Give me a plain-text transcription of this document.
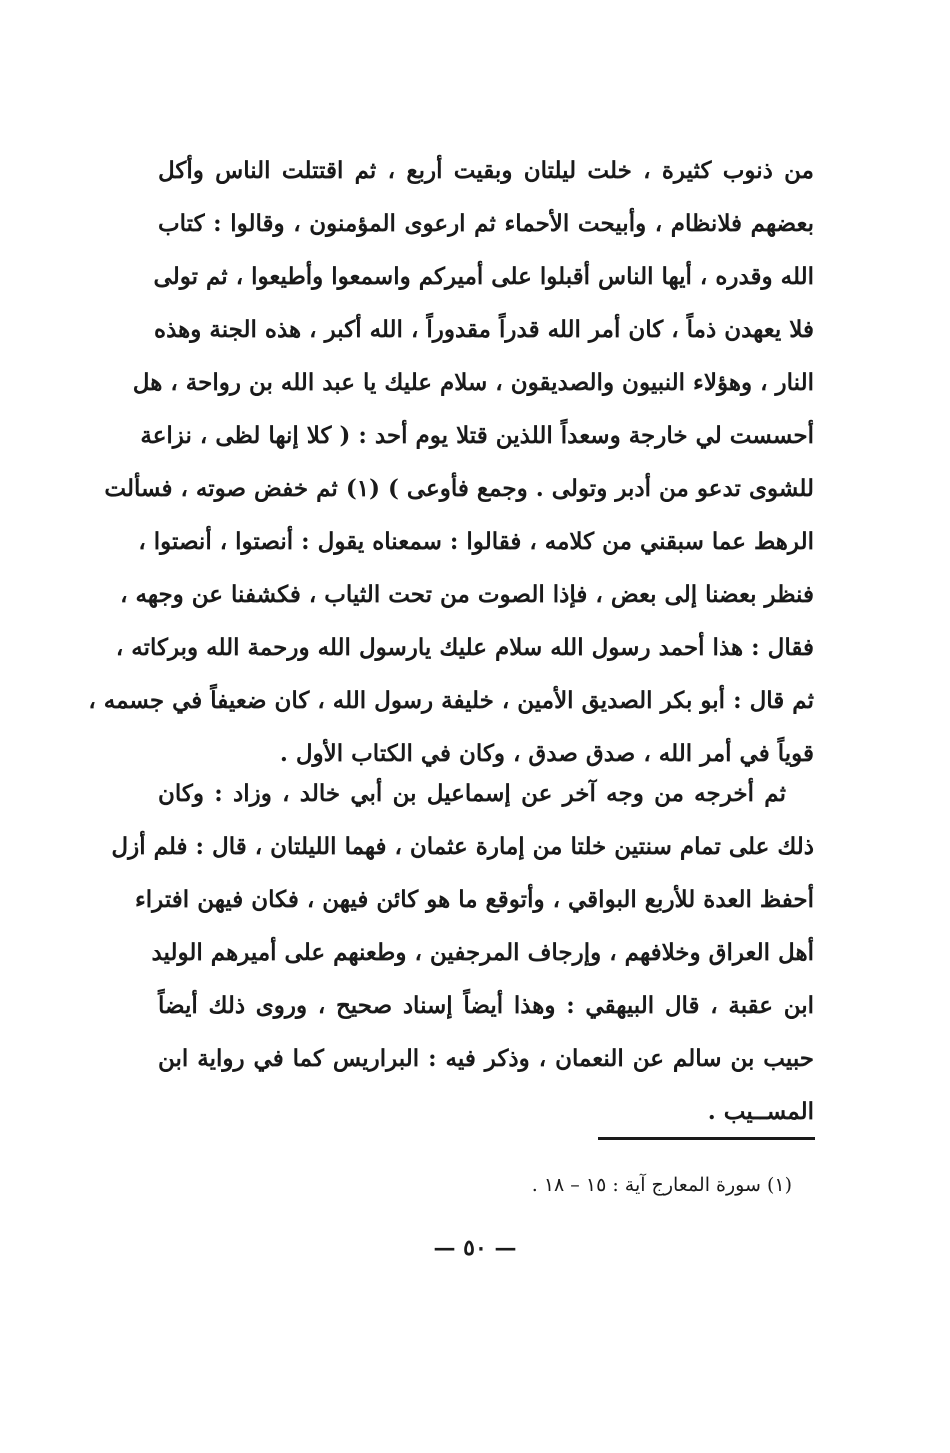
من ذنوب كثيرة ، خلت ليلتان وبقيت أربع ، ثم اقتتلت الناس وأكل
بعضهم فلانظام ، وأبيحت الأحماء ثم ارعوى المؤمنون ، وقالوا : كتاب
الله وقدره ، أيها الناس أقبلوا على أميركم واسمعوا وأطيعوا ، ثم تولى
فلا يعهدن ذماً ، كان أمر الله قدراً مقدوراً ، الله أكبر ، هذه الجنة وهذه
النار ، وهؤلاء النبيون والصديقون ، سلام عليك يا عبد الله بن رواحة ، هل
أحسست لي خارجة وسعداً اللذين قتلا يوم أحد : ( كلا إنها لظى ، نزاعة
للشوى تدعو من أدبر وتولى . وجمع فأوعى ) (١) ثم خفض صوته ، فسألت
الرهط عما سبقني من كلامه ، فقالوا : سمعناه يقول : أنصتوا ، أنصتوا ،
فنظر بعضنا إلى بعض ، فإذا الصوت من تحت الثياب ، فكشفنا عن وجهه ،
فقال : هذا أحمد رسول الله سلام عليك يارسول الله ورحمة الله وبركاته ،
ثم قال : أبو بكر الصديق الأمين ، خليفة رسول الله ، كان ضعيفاً في جسمه ،
قوياً في أمر الله ، صدق صدق ، وكان في الكتاب الأول .
ثم أخرجه من وجه آخر عن إسماعيل بن أبي خالد ، وزاد : وكان
ذلك على تمام سنتين خلتا من إمارة عثمان ، فهما الليلتان ، قال : فلم أزل
أحفظ العدة للأربع البواقي ، وأتوقع ما هو كائن فيهن ، فكان فيهن افتراء
أهل العراق وخلافهم ، وإرجاف المرجفين ، وطعنهم على أميرهم الوليد
ابن عقبة ، قال البيهقي : وهذا أيضاً إسناد صحيح ، وروى ذلك أيضاً
حبيب بن سالم عن النعمان ، وذكر فيه : البراريس كما في رواية ابن
المســيب .
(١) سورة المعارج آية : ١٥ – ١٨ .
— ٥٠ —
